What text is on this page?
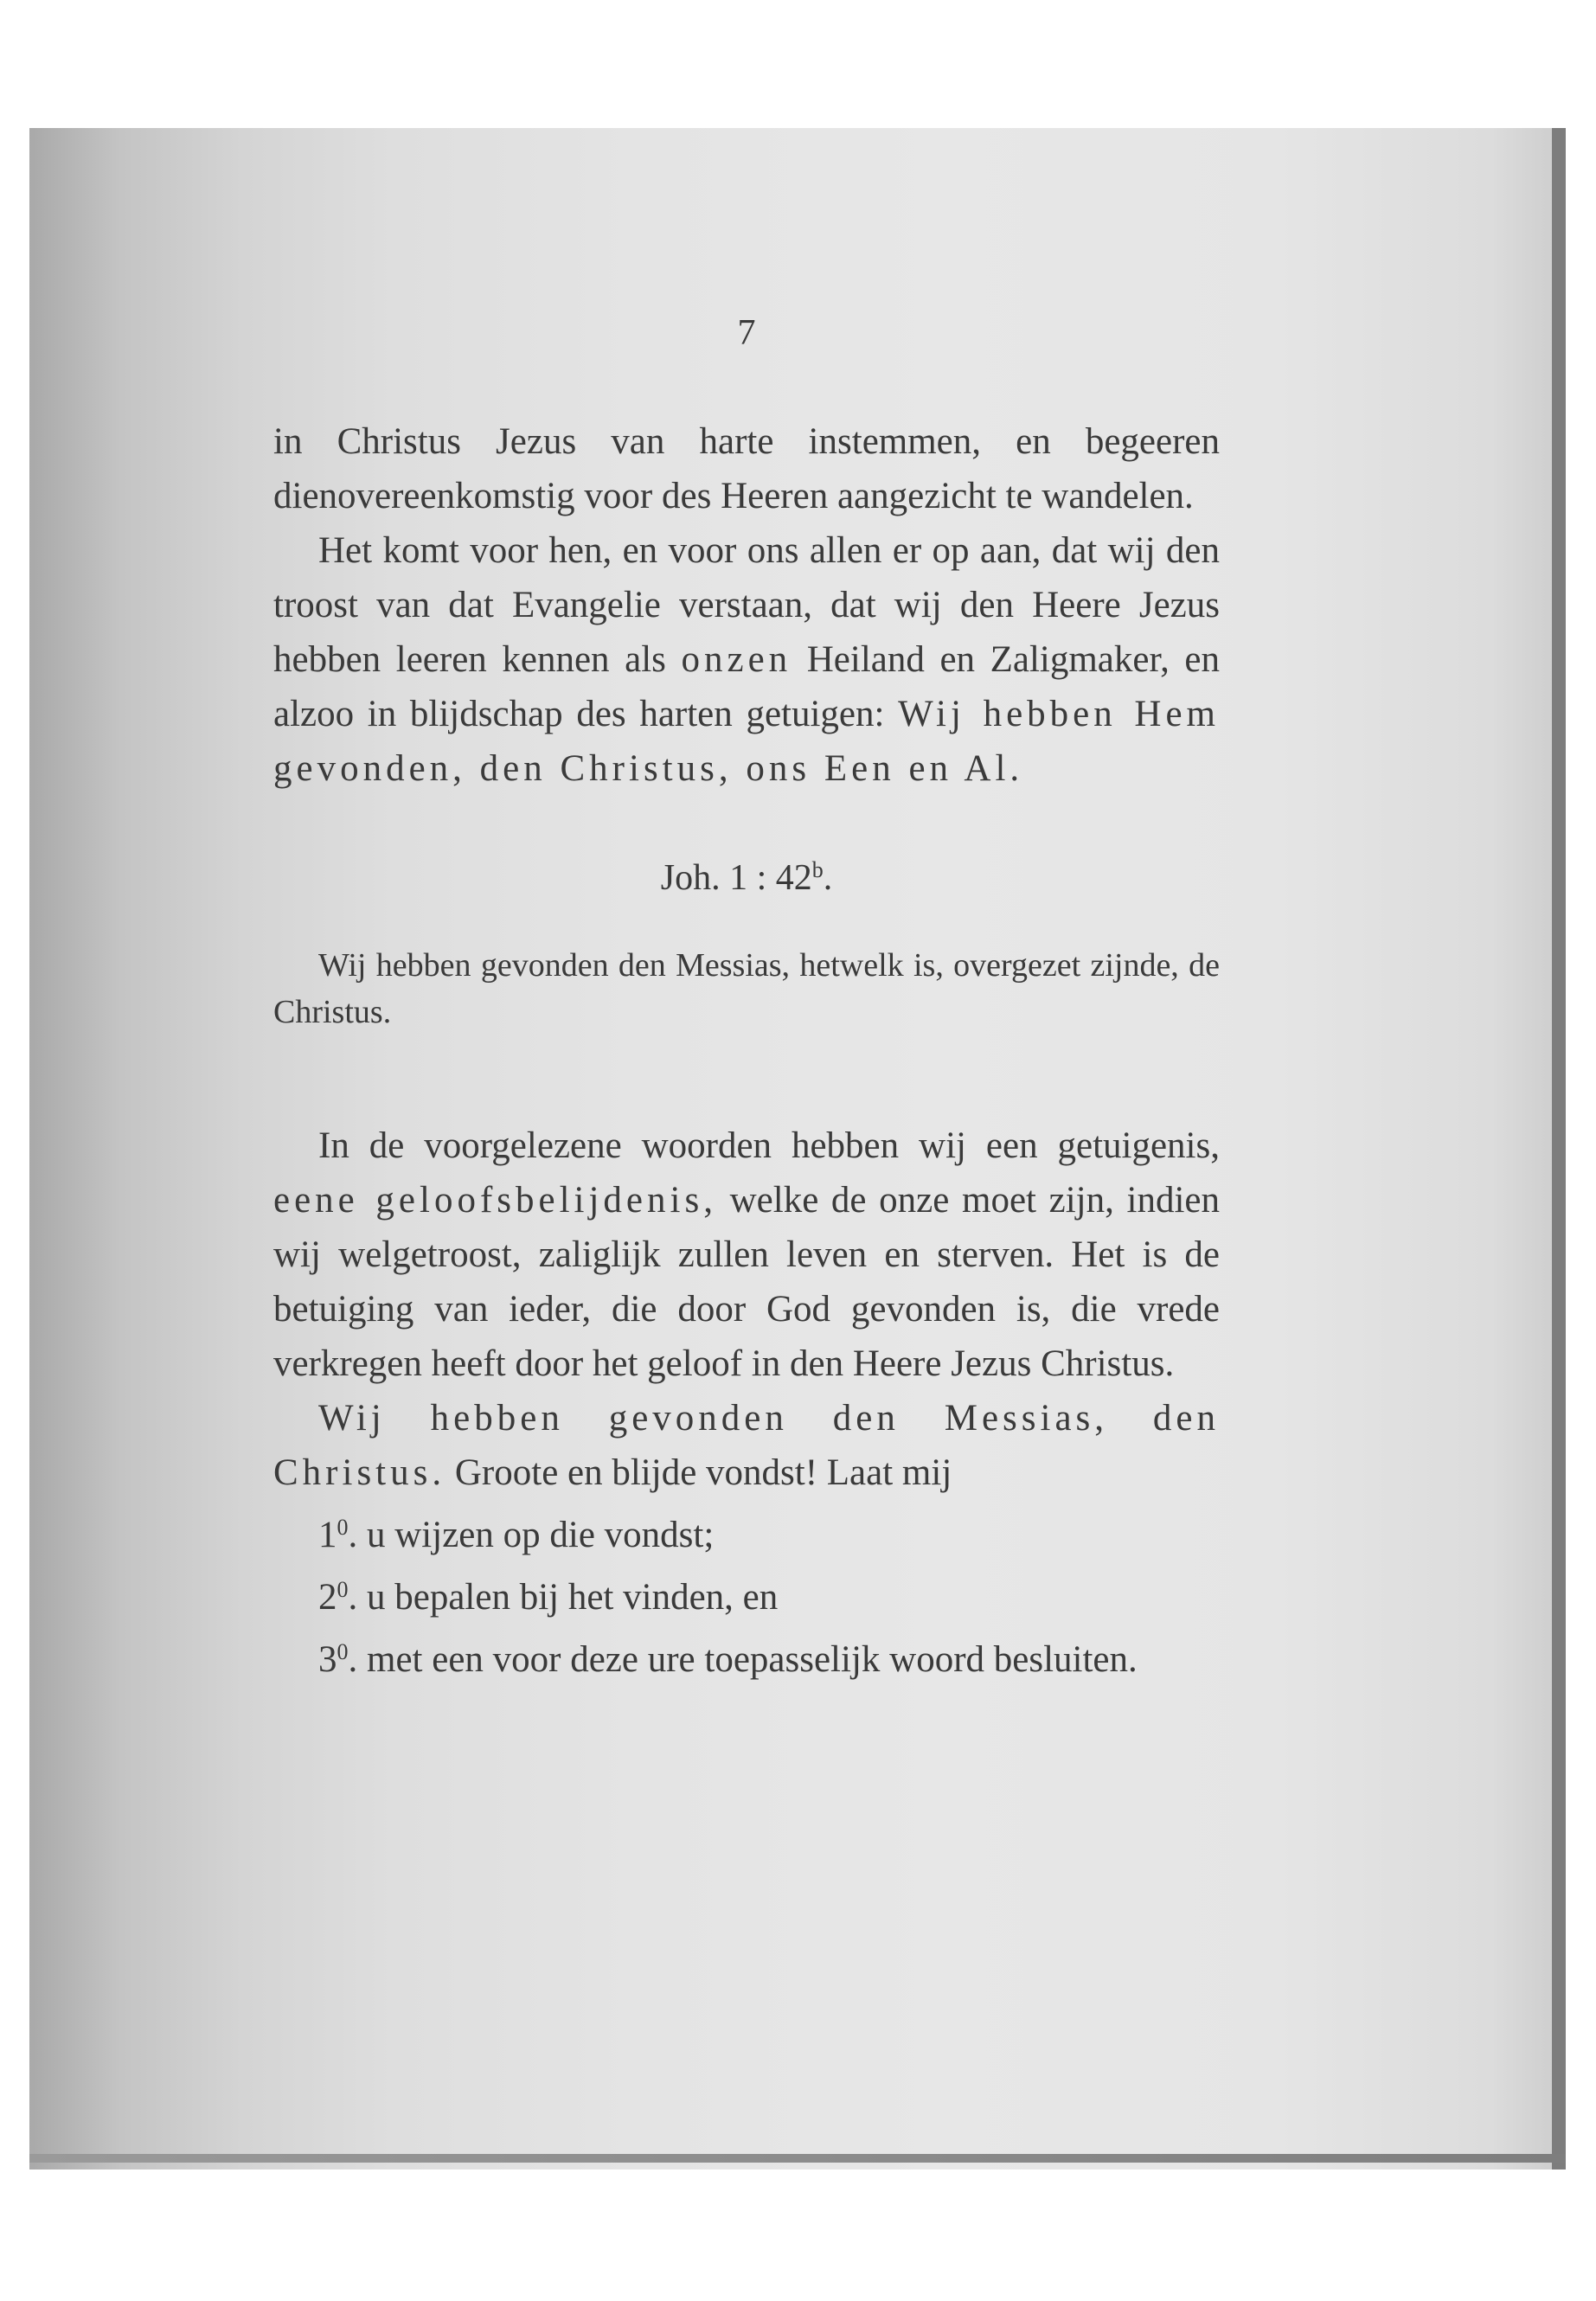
7

in Christus Jezus van harte instemmen, en begeeren dienovereenkomstig voor des Heeren aangezicht te wandelen.

Het komt voor hen, en voor ons allen er op aan, dat wij den troost van dat Evangelie verstaan, dat wij den Heere Jezus hebben leeren kennen als onzen Heiland en Zaligmaker, en alzoo in blijdschap des harten getuigen: Wij hebben Hem gevonden, den Christus, ons Een en Al.

Joh. 1 : 42$^b$.

Wij hebben gevonden den Messias, hetwelk is, overgezet zijnde, de Christus.

In de voorgelezene woorden hebben wij een getuigenis, eene geloofsbelijdenis, welke de onze moet zijn, indien wij welgetroost, zaliglijk zullen leven en sterven. Het is de betuiging van ieder, die door God gevonden is, die vrede verkregen heeft door het geloof in den Heere Jezus Christus.

Wij hebben gevonden den Messias, den Christus. Groote en blijde vondst! Laat mij

$1^0$. u wijzen op die vondst;

$2^0$. u bepalen bij het vinden, en

$3^0$. met een voor deze ure toepasselijk woord besluiten.
